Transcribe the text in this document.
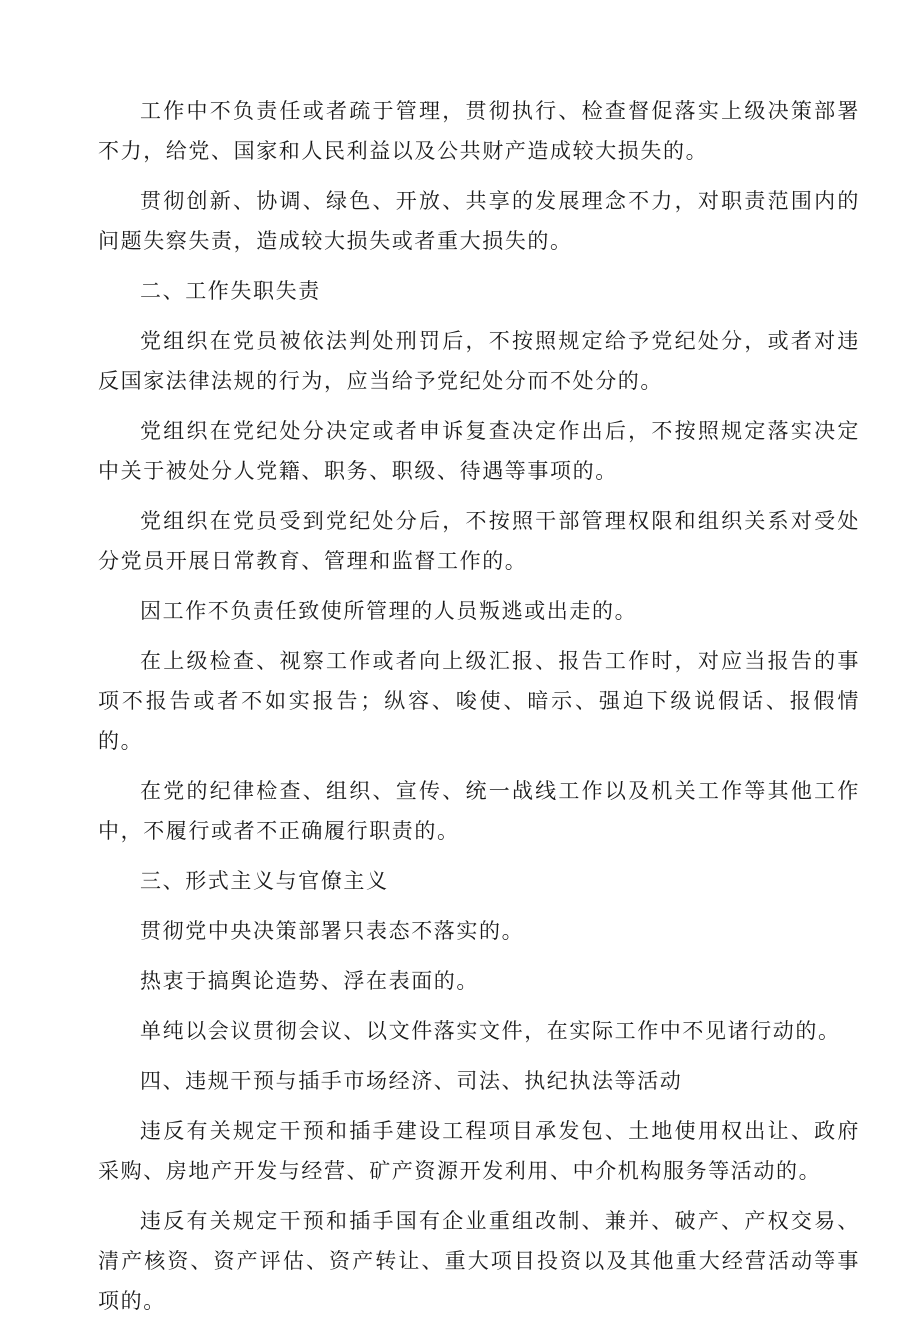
工作中不负责任或者疏于管理，贯彻执行、检查督促落实上级决策部署不力，给党、国家和人民利益以及公共财产造成较大损失的。

贯彻创新、协调、绿色、开放、共享的发展理念不力，对职责范围内的问题失察失责，造成较大损失或者重大损失的。

二、工作失职失责

党组织在党员被依法判处刑罚后，不按照规定给予党纪处分，或者对违反国家法律法规的行为，应当给予党纪处分而不处分的。

党组织在党纪处分决定或者申诉复查决定作出后，不按照规定落实决定中关于被处分人党籍、职务、职级、待遇等事项的。

党组织在党员受到党纪处分后，不按照干部管理权限和组织关系对受处分党员开展日常教育、管理和监督工作的。

因工作不负责任致使所管理的人员叛逃或出走的。

在上级检查、视察工作或者向上级汇报、报告工作时，对应当报告的事项不报告或者不如实报告；纵容、唆使、暗示、强迫下级说假话、报假情的。

在党的纪律检查、组织、宣传、统一战线工作以及机关工作等其他工作中，不履行或者不正确履行职责的。

三、形式主义与官僚主义

贯彻党中央决策部署只表态不落实的。

热衷于搞舆论造势、浮在表面的。

单纯以会议贯彻会议、以文件落实文件，在实际工作中不见诸行动的。

四、违规干预与插手市场经济、司法、执纪执法等活动

违反有关规定干预和插手建设工程项目承发包、土地使用权出让、政府采购、房地产开发与经营、矿产资源开发利用、中介机构服务等活动的。

违反有关规定干预和插手国有企业重组改制、兼并、破产、产权交易、清产核资、资产评估、资产转让、重大项目投资以及其他重大经营活动等事项的。
